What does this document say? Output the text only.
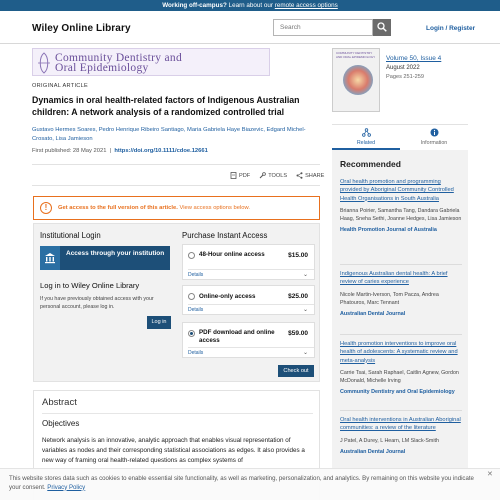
Working off-campus? Learn about our remote access options
Wiley Online Library	Search	Login / Register
Community Dentistry and
Oral Epidemiology
ORIGINAL ARTICLE
Dynamics in oral health-related factors of Indigenous Australian children: A network analysis of a randomized controlled trial
Gustavo Hermes Soares, Pedro Henrique Ribeiro Santiago, Maria Gabriela Haye Biazevic, Edgard Michel-Crosato, Lisa Jamieson
First published: 28 May 2021  |  https://doi.org/10.1111/cdoe.12661
PDF	TOOLS	SHARE
!	Get access to the full version of this article. View access options below.
Institutional Login
Access through your institution
Log in to Wiley Online Library
If you have previously obtained access with your personal account, please log in.
Log in
Purchase Instant Access
48-Hour online access	$15.00
Details	⌄
Online-only access	$25.00
Details	⌄
PDF download and online access
$59.00
Details	⌄
Check out
Abstract
Objectives
Network analysis is an innovative, analytic approach that enables visual representation of variables as nodes and their corresponding statistical associations as edges. It also provides a new way of framing oral health-related questions as complex systems of
COMMUNITY DENTISTRY AND ORAL EPIDEMIOLOGY	Volume 50, Issue 4
August 2022
Pages 251-259
Related	Information
Recommended
Oral health promotion and programming provided by Aboriginal Community Controlled Health Organisations in South Australia
Brianna Poirier, Samantha Tang, Dandara Gabriela Haag, Sneha Sethi, Joanne Hedges, Lisa Jamieson
Health Promotion Journal of Australia
Indigenous Australian dental health: A brief review of caries experience
Nicole Martin-Iverson, Tom Pacza, Andrea Phatouros, Marc Tennant
Australian Dental Journal
Health promotion interventions to improve oral health of adolescents: A systematic review and meta-analysis
Carrie Tsai, Sarah Raphael, Caitlin Agnew, Gordon McDonald, Michelle Irving
Community Dentistry and Oral Epidemiology
Oral health interventions in Australian Aboriginal communities: a review of the literature
J Patel, A Durey, L Hearn, LM Slack-Smith
Australian Dental Journal
This website stores data such as cookies to enable essential site functionality, as well as marketing, personalization, and analytics. By remaining on this website you indicate your consent. Privacy Policy
✕
